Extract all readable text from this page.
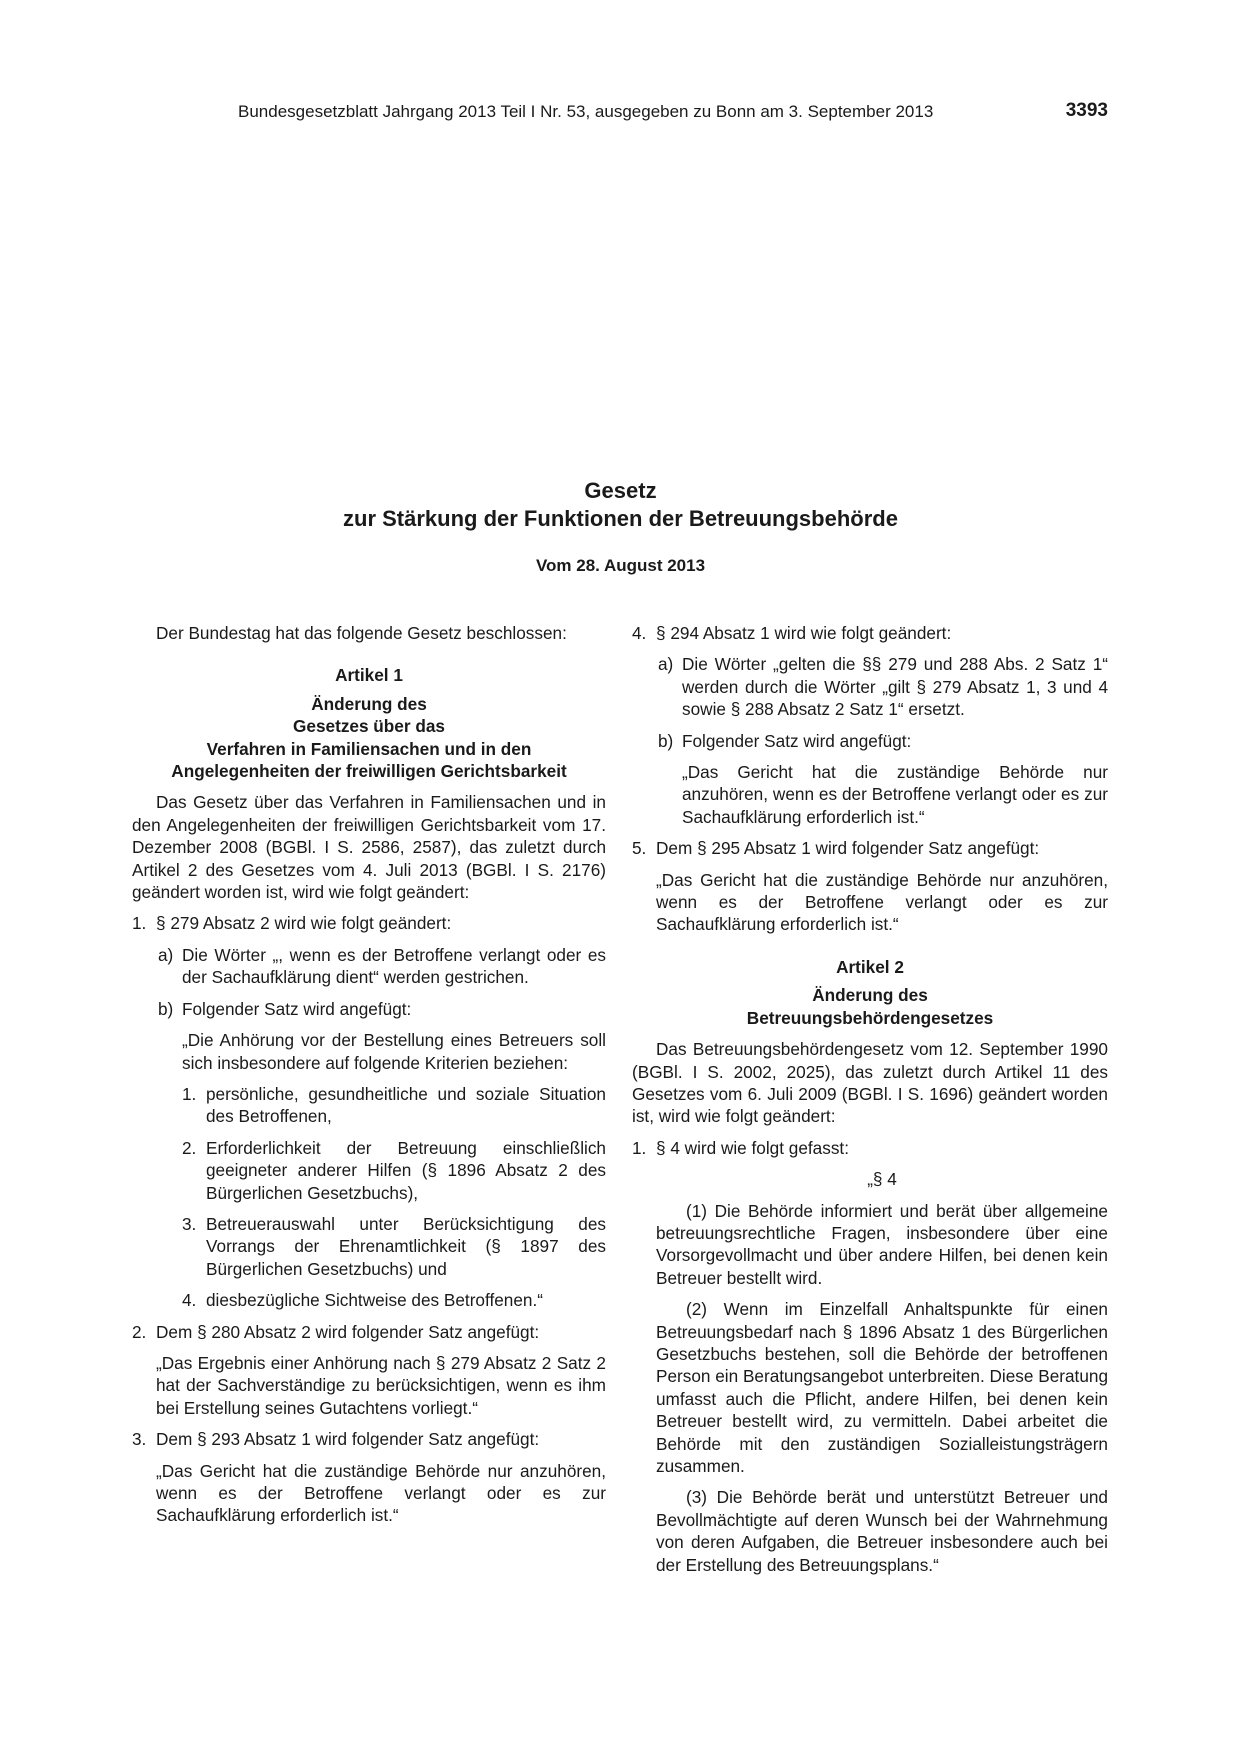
Bundesgesetzblatt Jahrgang 2013 Teil I Nr. 53, ausgegeben zu Bonn am 3. September 2013	3393
Gesetz
zur Stärkung der Funktionen der Betreuungsbehörde
Vom 28. August 2013

Der Bundestag hat das folgende Gesetz beschlossen:

Artikel 1

Änderung des

Gesetzes über das

Verfahren in Familiensachen und in den

Angelegenheiten der freiwilligen Gerichtsbarkeit

Das Gesetz über das Verfahren in Familiensachen und in den Angelegenheiten der freiwilligen Gerichtsbarkeit vom 17. Dezember 2008 (BGBl. I S. 2586, 2587), das zuletzt durch Artikel 2 des Gesetzes vom 4. Juli 2013 (BGBl. I S. 2176) geändert worden ist, wird wie folgt geändert:

1. § 279 Absatz 2 wird wie folgt geändert:
a) Die Wörter „, wenn es der Betroffene verlangt oder es der Sachaufklärung dient“ werden gestrichen.
b) Folgender Satz wird angefügt:

„Die Anhörung vor der Bestellung eines Betreuers soll sich insbesondere auf folgende Kriterien beziehen:

1. persönliche, gesundheitliche und soziale Situation des Betroffenen,
2. Erforderlichkeit der Betreuung einschließlich geeigneter anderer Hilfen (§ 1896 Absatz 2 des Bürgerlichen Gesetzbuchs),
3. Betreuerauswahl unter Berücksichtigung des Vorrangs der Ehrenamtlichkeit (§ 1897 des Bürgerlichen Gesetzbuchs) und
4. diesbezügliche Sichtweise des Betroffenen.“
2. Dem § 280 Absatz 2 wird folgender Satz angefügt:

„Das Ergebnis einer Anhörung nach § 279 Absatz 2 Satz 2 hat der Sachverständige zu berücksichtigen, wenn es ihm bei Erstellung seines Gutachtens vorliegt.“

3. Dem § 293 Absatz 1 wird folgender Satz angefügt:

„Das Gericht hat die zuständige Behörde nur anzuhören, wenn es der Betroffene verlangt oder es zur Sachaufklärung erforderlich ist.“

4. § 294 Absatz 1 wird wie folgt geändert:
a) Die Wörter „gelten die §§ 279 und 288 Abs. 2 Satz 1“ werden durch die Wörter „gilt § 279 Absatz 1, 3 und 4 sowie § 288 Absatz 2 Satz 1“ ersetzt.
b) Folgender Satz wird angefügt:

„Das Gericht hat die zuständige Behörde nur anzuhören, wenn es der Betroffene verlangt oder es zur Sachaufklärung erforderlich ist.“

5. Dem § 295 Absatz 1 wird folgender Satz angefügt:

„Das Gericht hat die zuständige Behörde nur anzuhören, wenn es der Betroffene verlangt oder es zur Sachaufklärung erforderlich ist.“

Artikel 2

Änderung des

Betreuungsbehördengesetzes

Das Betreuungsbehördengesetz vom 12. September 1990 (BGBl. I S. 2002, 2025), das zuletzt durch Artikel 11 des Gesetzes vom 6. Juli 2009 (BGBl. I S. 1696) geändert worden ist, wird wie folgt geändert:

1. § 4 wird wie folgt gefasst:

„§ 4

(1) Die Behörde informiert und berät über allgemeine betreuungsrechtliche Fragen, insbesondere über eine Vorsorgevollmacht und über andere Hilfen, bei denen kein Betreuer bestellt wird.

(2) Wenn im Einzelfall Anhaltspunkte für einen Betreuungsbedarf nach § 1896 Absatz 1 des Bürgerlichen Gesetzbuchs bestehen, soll die Behörde der betroffenen Person ein Beratungsangebot unterbreiten. Diese Beratung umfasst auch die Pflicht, andere Hilfen, bei denen kein Betreuer bestellt wird, zu vermitteln. Dabei arbeitet die Behörde mit den zuständigen Sozialleistungsträgern zusammen.

(3) Die Behörde berät und unterstützt Betreuer und Bevollmächtigte auf deren Wunsch bei der Wahrnehmung von deren Aufgaben, die Betreuer insbesondere auch bei der Erstellung des Betreuungsplans.“
